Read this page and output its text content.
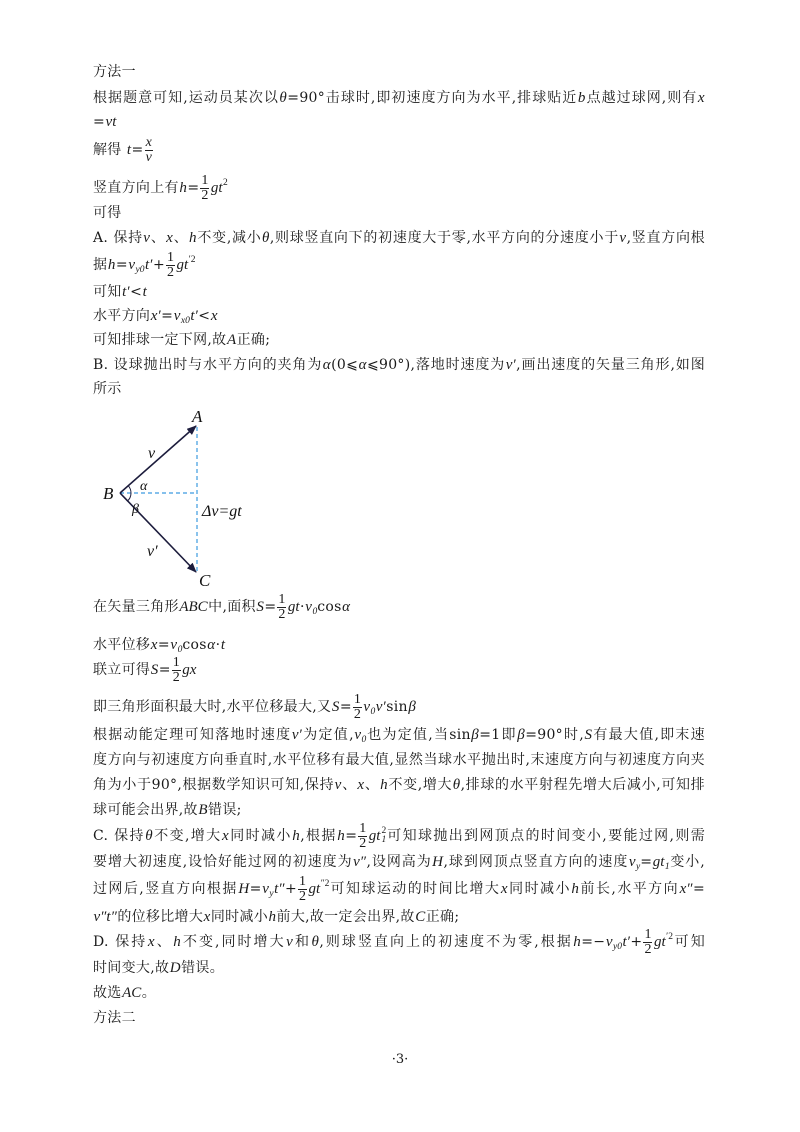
方法一
根据题意可知,运动员某次以θ=90°击球时,即初速度方向为水平,排球贴近b点越过球网,则有x
=vt
解得 $t= \frac{x}{v}$
竖直方向上有$h= \frac{1}{2} gt^2$
可得
A. 保持v、x、h不变,减小θ,则球竖直向下的初速度大于零,水平方向的分速度小于v,竖直方向根
据$h=v_{y0}t'+ \frac{1}{2} gt^{'2}$
可知t′<t
水平方向$x'=v_{x0}t'<x$
可知排球一定下网,故A正确;
B. 设球抛出时与水平方向的夹角为α(0⩽α⩽90°),落地时速度为v′,画出速度的矢量三角形,如图
所示
A
v
B α
β	Δv=gt
v′
C
在矢量三角形ABC中,面积$S= \frac{1}{2} gt\cdot v_0\cos\alpha$
水平位移$x=v_0\cos\alpha\cdot t$
联立可得$S= \frac{1}{2}$ gx
即三角形面积最大时,水平位移最大,又$S= \frac{1}{2} v_0v'\sin\beta$
根据动能定理可知落地时速度v′为定值$,v_0$也为定值,当sinβ=1即β=90°时,S有最大值,即末速
度方向与初速度方向垂直时,水平位移有最大值,显然当球水平抛出时,末速度方向与初速度方向夹
角为小于90°,根据数学知识可知,保持v、x、h不变,增大θ,排球的水平射程先增大后减小,可知排
球可能会出界,故B错误;
C. 保持θ不变,增大x同时减小h,根据$h= \frac{1}{2}$ gt 2
1 可知球抛出到网顶点的时间变小,要能过网,则需
要增大初速度,设恰好能过网的初速度为v″,设网高为H,球到网顶点竖直方向的速度$v_y=gt_1$变小,
过网后,竖直方向根据$H=v_yt''+ \frac{1}{2} gt^{''2}$可知球运动的时间比增大x同时减小h前长,水平方向x″=
v″t″的位移比增大x同时减小h前大,故一定会出界,故C正确;
D. 保持x、h不变,同时增大v和θ,则球竖直向上的初速度不为零,根据$h=-v_{y0}t'+ \frac{1}{2} gt^{'2}$可知
时间变大,故D错误。
故选AC。
方法二
·3·
